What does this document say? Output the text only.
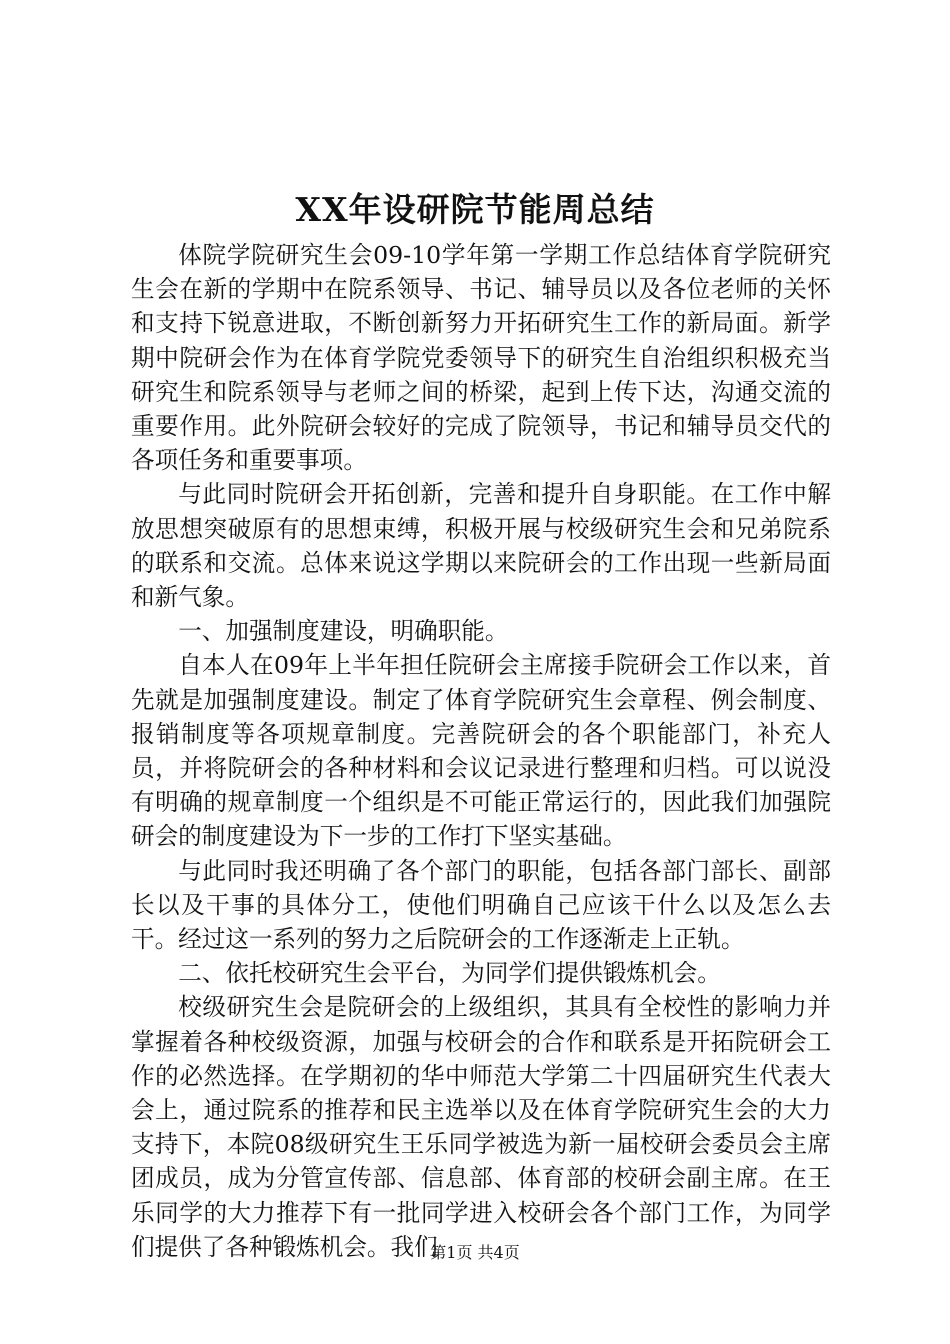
XX年设研院节能周总结

体院学院研究生会09-10学年第一学期工作总结体育学院研究生会在新的学期中在院系领导、书记、辅导员以及各位老师的关怀和支持下锐意进取，不断创新努力开拓研究生工作的新局面。新学期中院研会作为在体育学院党委领导下的研究生自治组织积极充当研究生和院系领导与老师之间的桥梁，起到上传下达，沟通交流的重要作用。此外院研会较好的完成了院领导，书记和辅导员交代的各项任务和重要事项。

与此同时院研会开拓创新，完善和提升自身职能。在工作中解放思想突破原有的思想束缚，积极开展与校级研究生会和兄弟院系的联系和交流。总体来说这学期以来院研会的工作出现一些新局面和新气象。

一、加强制度建设，明确职能。

自本人在09年上半年担任院研会主席接手院研会工作以来，首先就是加强制度建设。制定了体育学院研究生会章程、例会制度、报销制度等各项规章制度。完善院研会的各个职能部门，补充人员，并将院研会的各种材料和会议记录进行整理和归档。可以说没有明确的规章制度一个组织是不可能正常运行的，因此我们加强院研会的制度建设为下一步的工作打下坚实基础。

与此同时我还明确了各个部门的职能，包括各部门部长、副部长以及干事的具体分工，使他们明确自己应该干什么以及怎么去干。经过这一系列的努力之后院研会的工作逐渐走上正轨。

二、依托校研究生会平台，为同学们提供锻炼机会。

校级研究生会是院研会的上级组织，其具有全校性的影响力并掌握着各种校级资源，加强与校研会的合作和联系是开拓院研会工作的必然选择。在学期初的华中师范大学第二十四届研究生代表大会上，通过院系的推荐和民主选举以及在体育学院研究生会的大力支持下，本院08级研究生王乐同学被选为新一届校研会委员会主席团成员，成为分管宣传部、信息部、体育部的校研会副主席。在王乐同学的大力推荐下有一批同学进入校研会各个部门工作，为同学们提供了各种锻炼机会。我们

第1页 共4页
